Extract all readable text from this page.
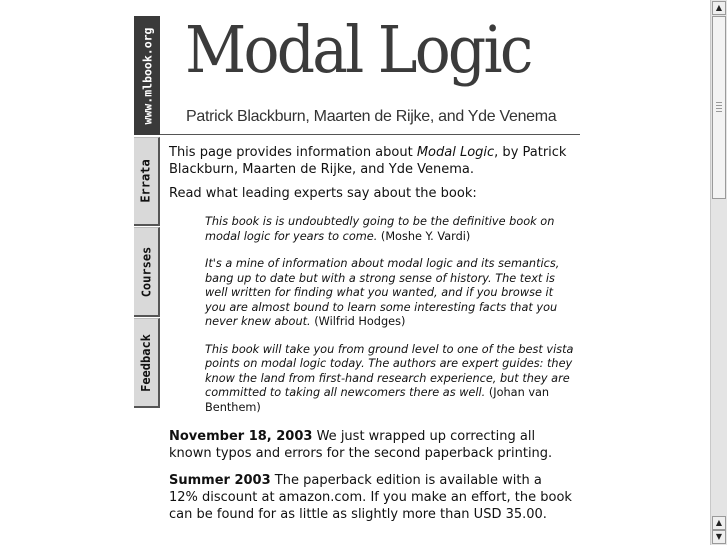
www.mlbook.org
Errata
Courses
Feedback
Modal Logic

Patrick Blackburn, Maarten de Rijke, and Yde Venema

This page provides information about Modal Logic, by Patrick Blackburn, Maarten de Rijke, and Yde Venema.

Read what leading experts say about the book:

This book is is undoubtedly going to be the definitive book on modal logic for years to come. (Moshe Y. Vardi)

It's a mine of information about modal logic and its semantics, bang up to date but with a strong sense of history. The text is well written for finding what you wanted, and if you browse it you are almost bound to learn some interesting facts that you never knew about. (Wilfrid Hodges)

This book will take you from ground level to one of the best vista points on modal logic today. The authors are expert guides: they know the land from first-hand research experience, but they are committed to taking all newcomers there as well. (Johan van Benthem)

November 18, 2003 We just wrapped up correcting all known typos and errors for the second paperback printing.

Summer 2003 The paperback edition is available with a 12% discount at amazon.com. If you make an effort, the book can be found for as little as slightly more than USD 35.00.

▲
▲
▼
